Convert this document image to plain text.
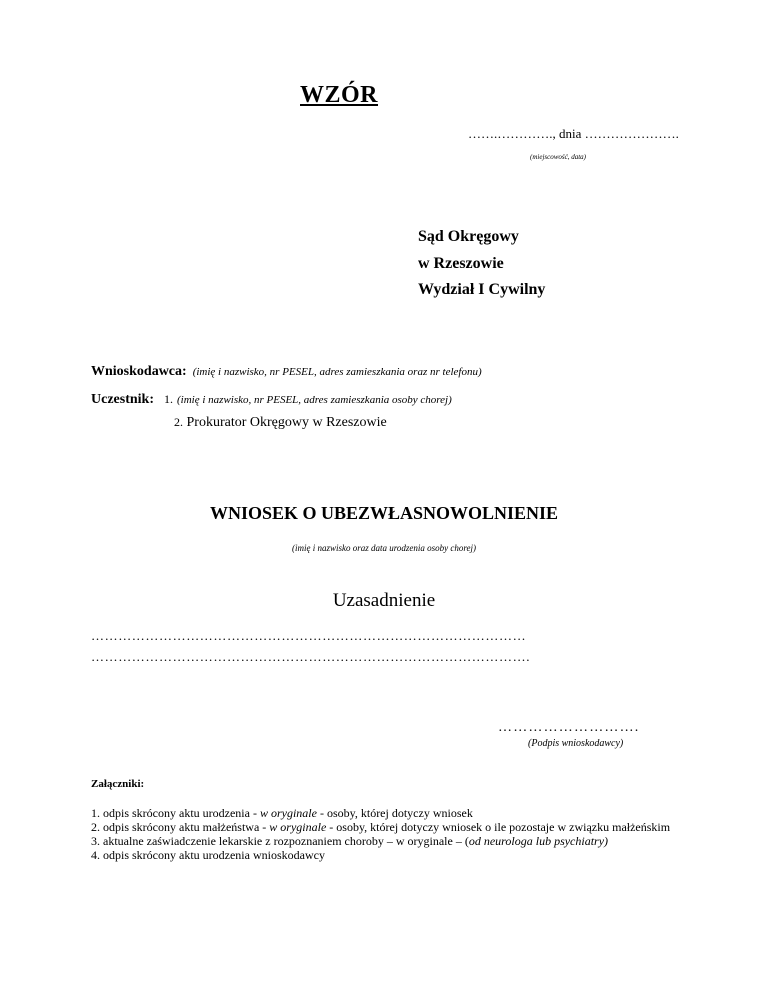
WZÓR
…….…………., dnia ………………….
(miejscowość, data)
Sąd Okręgowy
w Rzeszowie
Wydział I Cywilny
Wnioskodawca: (imię i nazwisko, nr PESEL, adres zamieszkania oraz nr telefonu)
Uczestnik: 1. (imię i nazwisko, nr PESEL, adres zamieszkania osoby chorej)
2. Prokurator Okręgowy w Rzeszowie
WNIOSEK O UBEZWŁASNOWOLNIENIE
(imię i nazwisko oraz data urodzenia osoby chorej)
Uzasadnienie
……………………………………………………………………………………
…………………………………………………………………………………….
……………………….
(Podpis wnioskodawcy)
Załączniki:
1. odpis skrócony aktu urodzenia - w oryginale - osoby, której dotyczy wniosek
2. odpis skrócony aktu małżeństwa - w oryginale - osoby, której dotyczy wniosek o ile pozostaje w związku małżeńskim
3. aktualne zaświadczenie lekarskie z rozpoznaniem choroby – w oryginale – (od neurologa lub psychiatry)
4. odpis skrócony aktu urodzenia wnioskodawcy
